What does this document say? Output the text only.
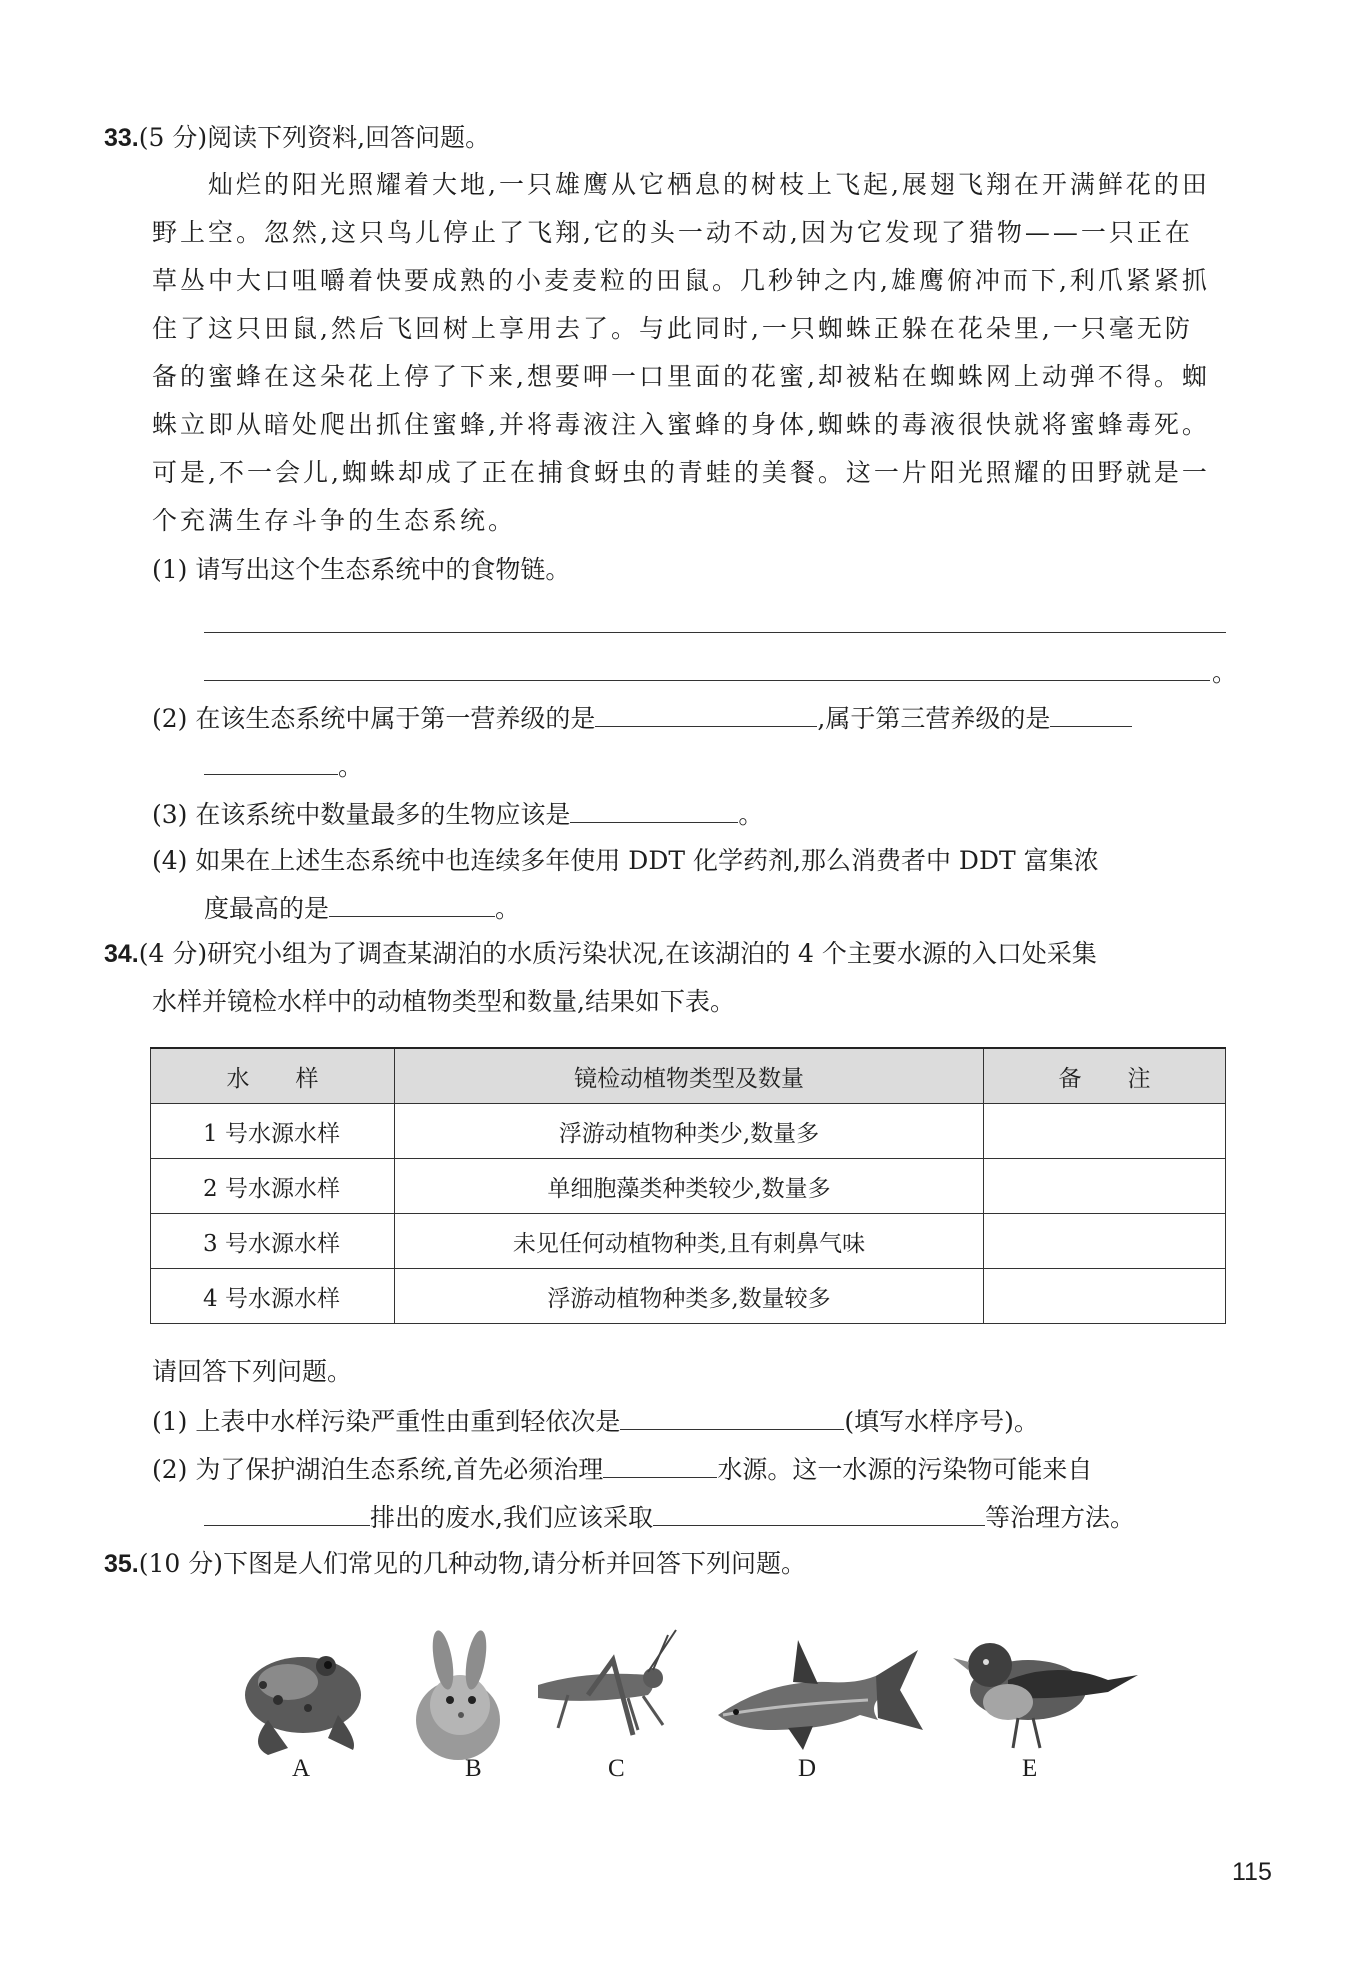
33.(5 分)阅读下列资料,回答问题。
灿烂的阳光照耀着大地,一只雄鹰从它栖息的树枝上飞起,展翅飞翔在开满鲜花的田
野上空。忽然,这只鸟儿停止了飞翔,它的头一动不动,因为它发现了猎物——一只正在
草丛中大口咀嚼着快要成熟的小麦麦粒的田鼠。几秒钟之内,雄鹰俯冲而下,利爪紧紧抓
住了这只田鼠,然后飞回树上享用去了。与此同时,一只蜘蛛正躲在花朵里,一只毫无防
备的蜜蜂在这朵花上停了下来,想要呷一口里面的花蜜,却被粘在蜘蛛网上动弹不得。蜘
蛛立即从暗处爬出抓住蜜蜂,并将毒液注入蜜蜂的身体,蜘蛛的毒液很快就将蜜蜂毒死。
可是,不一会儿,蜘蛛却成了正在捕食蚜虫的青蛙的美餐。这一片阳光照耀的田野就是一
个充满生存斗争的生态系统。
(1) 请写出这个生态系统中的食物链。
。
(2) 在该生态系统中属于第一营养级的是	,属于第三营养级的是
。
(3) 在该系统中数量最多的生物应该是	。
(4) 如果在上述生态系统中也连续多年使用 DDT 化学药剂,那么消费者中 DDT 富集浓
度最高的是	。
34.(4 分)研究小组为了调查某湖泊的水质污染状况,在该湖泊的 4 个主要水源的入口处采集
水样并镜检水样中的动植物类型和数量,结果如下表。
水　　样	镜检动植物类型及数量	备　　注
1 号水源水样	浮游动植物种类少,数量多	
2 号水源水样	单细胞藻类种类较少,数量多	
3 号水源水样	未见任何动植物种类,且有刺鼻气味	
4 号水源水样	浮游动植物种类多,数量较多	
请回答下列问题。
(1) 上表中水样污染严重性由重到轻依次是	(填写水样序号)。
(2) 为了保护湖泊生态系统,首先必须治理	水源。这一水源的污染物可能来自
排出的废水,我们应该采取	等治理方法。
35.(10 分)下图是人们常见的几种动物,请分析并回答下列问题。
A	B	C	D	E
115
